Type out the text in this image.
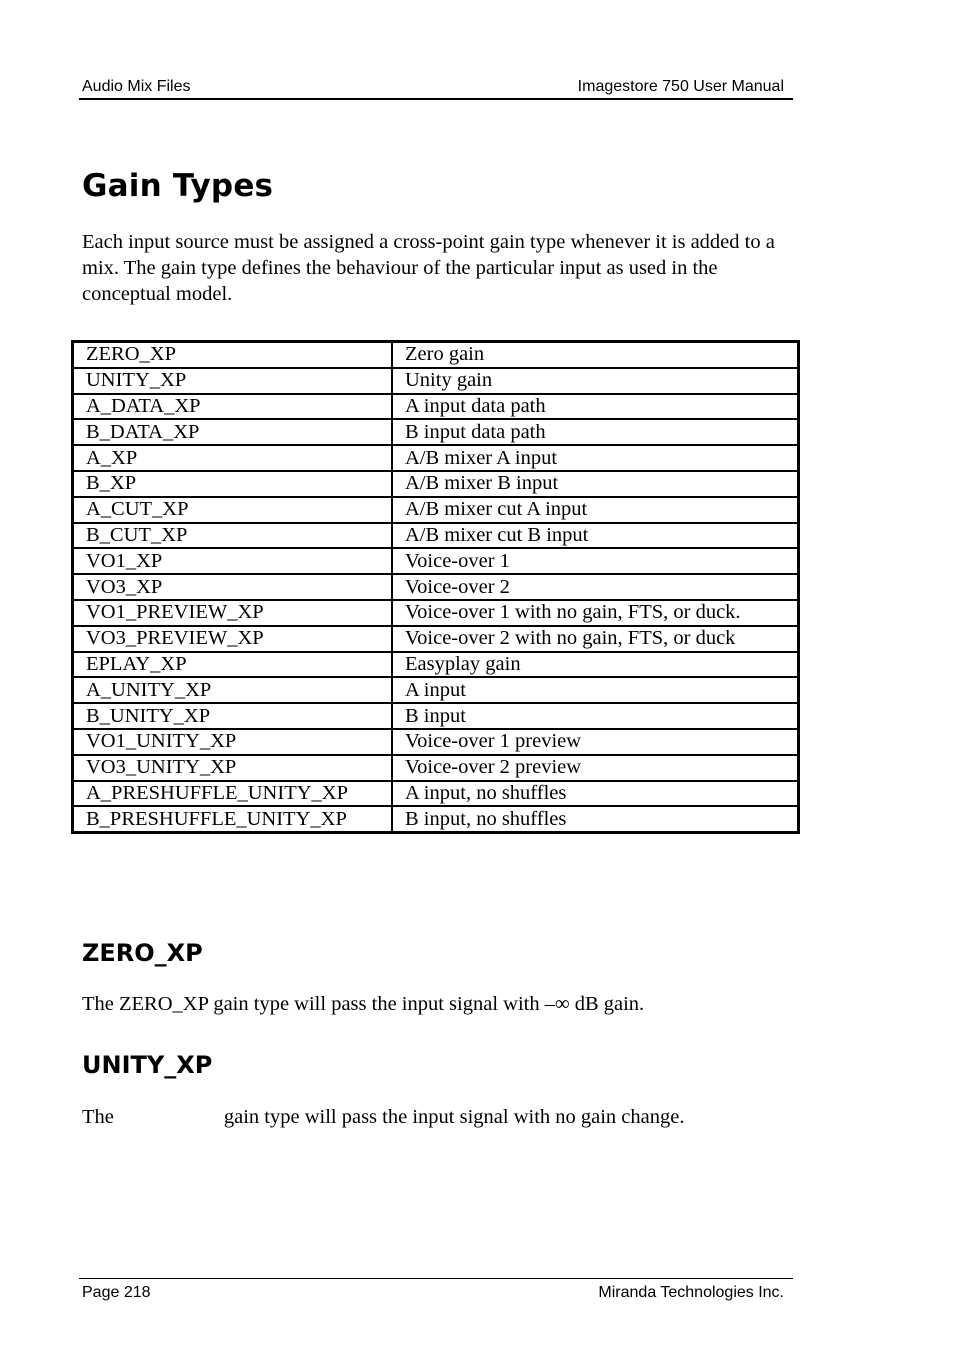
Audio Mix Files	Imagestore 750 User Manual
Gain Types

Each input source must be assigned a cross-point gain type whenever it is added to a mix. The gain type defines the behaviour of the particular input as used in the conceptual model.

ZERO_XP	Zero gain
UNITY_XP	Unity gain
A_DATA_XP	A input data path
B_DATA_XP	B input data path
A_XP	A/B mixer A input
B_XP	A/B mixer B input
A_CUT_XP	A/B mixer cut A input
B_CUT_XP	A/B mixer cut B input
VO1_XP	Voice-over 1
VO3_XP	Voice-over 2
VO1_PREVIEW_XP	Voice-over 1 with no gain, FTS, or duck.
VO3_PREVIEW_XP	Voice-over 2 with no gain, FTS, or duck
EPLAY_XP	Easyplay gain
A_UNITY_XP	A input
B_UNITY_XP	B input
VO1_UNITY_XP	Voice-over 1 preview
VO3_UNITY_XP	Voice-over 2 preview
A_PRESHUFFLE_UNITY_XP	A input, no shuffles
B_PRESHUFFLE_UNITY_XP	B input, no shuffles
ZERO_XP

The ZERO_XP gain type will pass the input signal with –∞ dB gain.

UNITY_XP

The	gain type will pass the input signal with no gain change.

Page 218	Miranda Technologies Inc.
